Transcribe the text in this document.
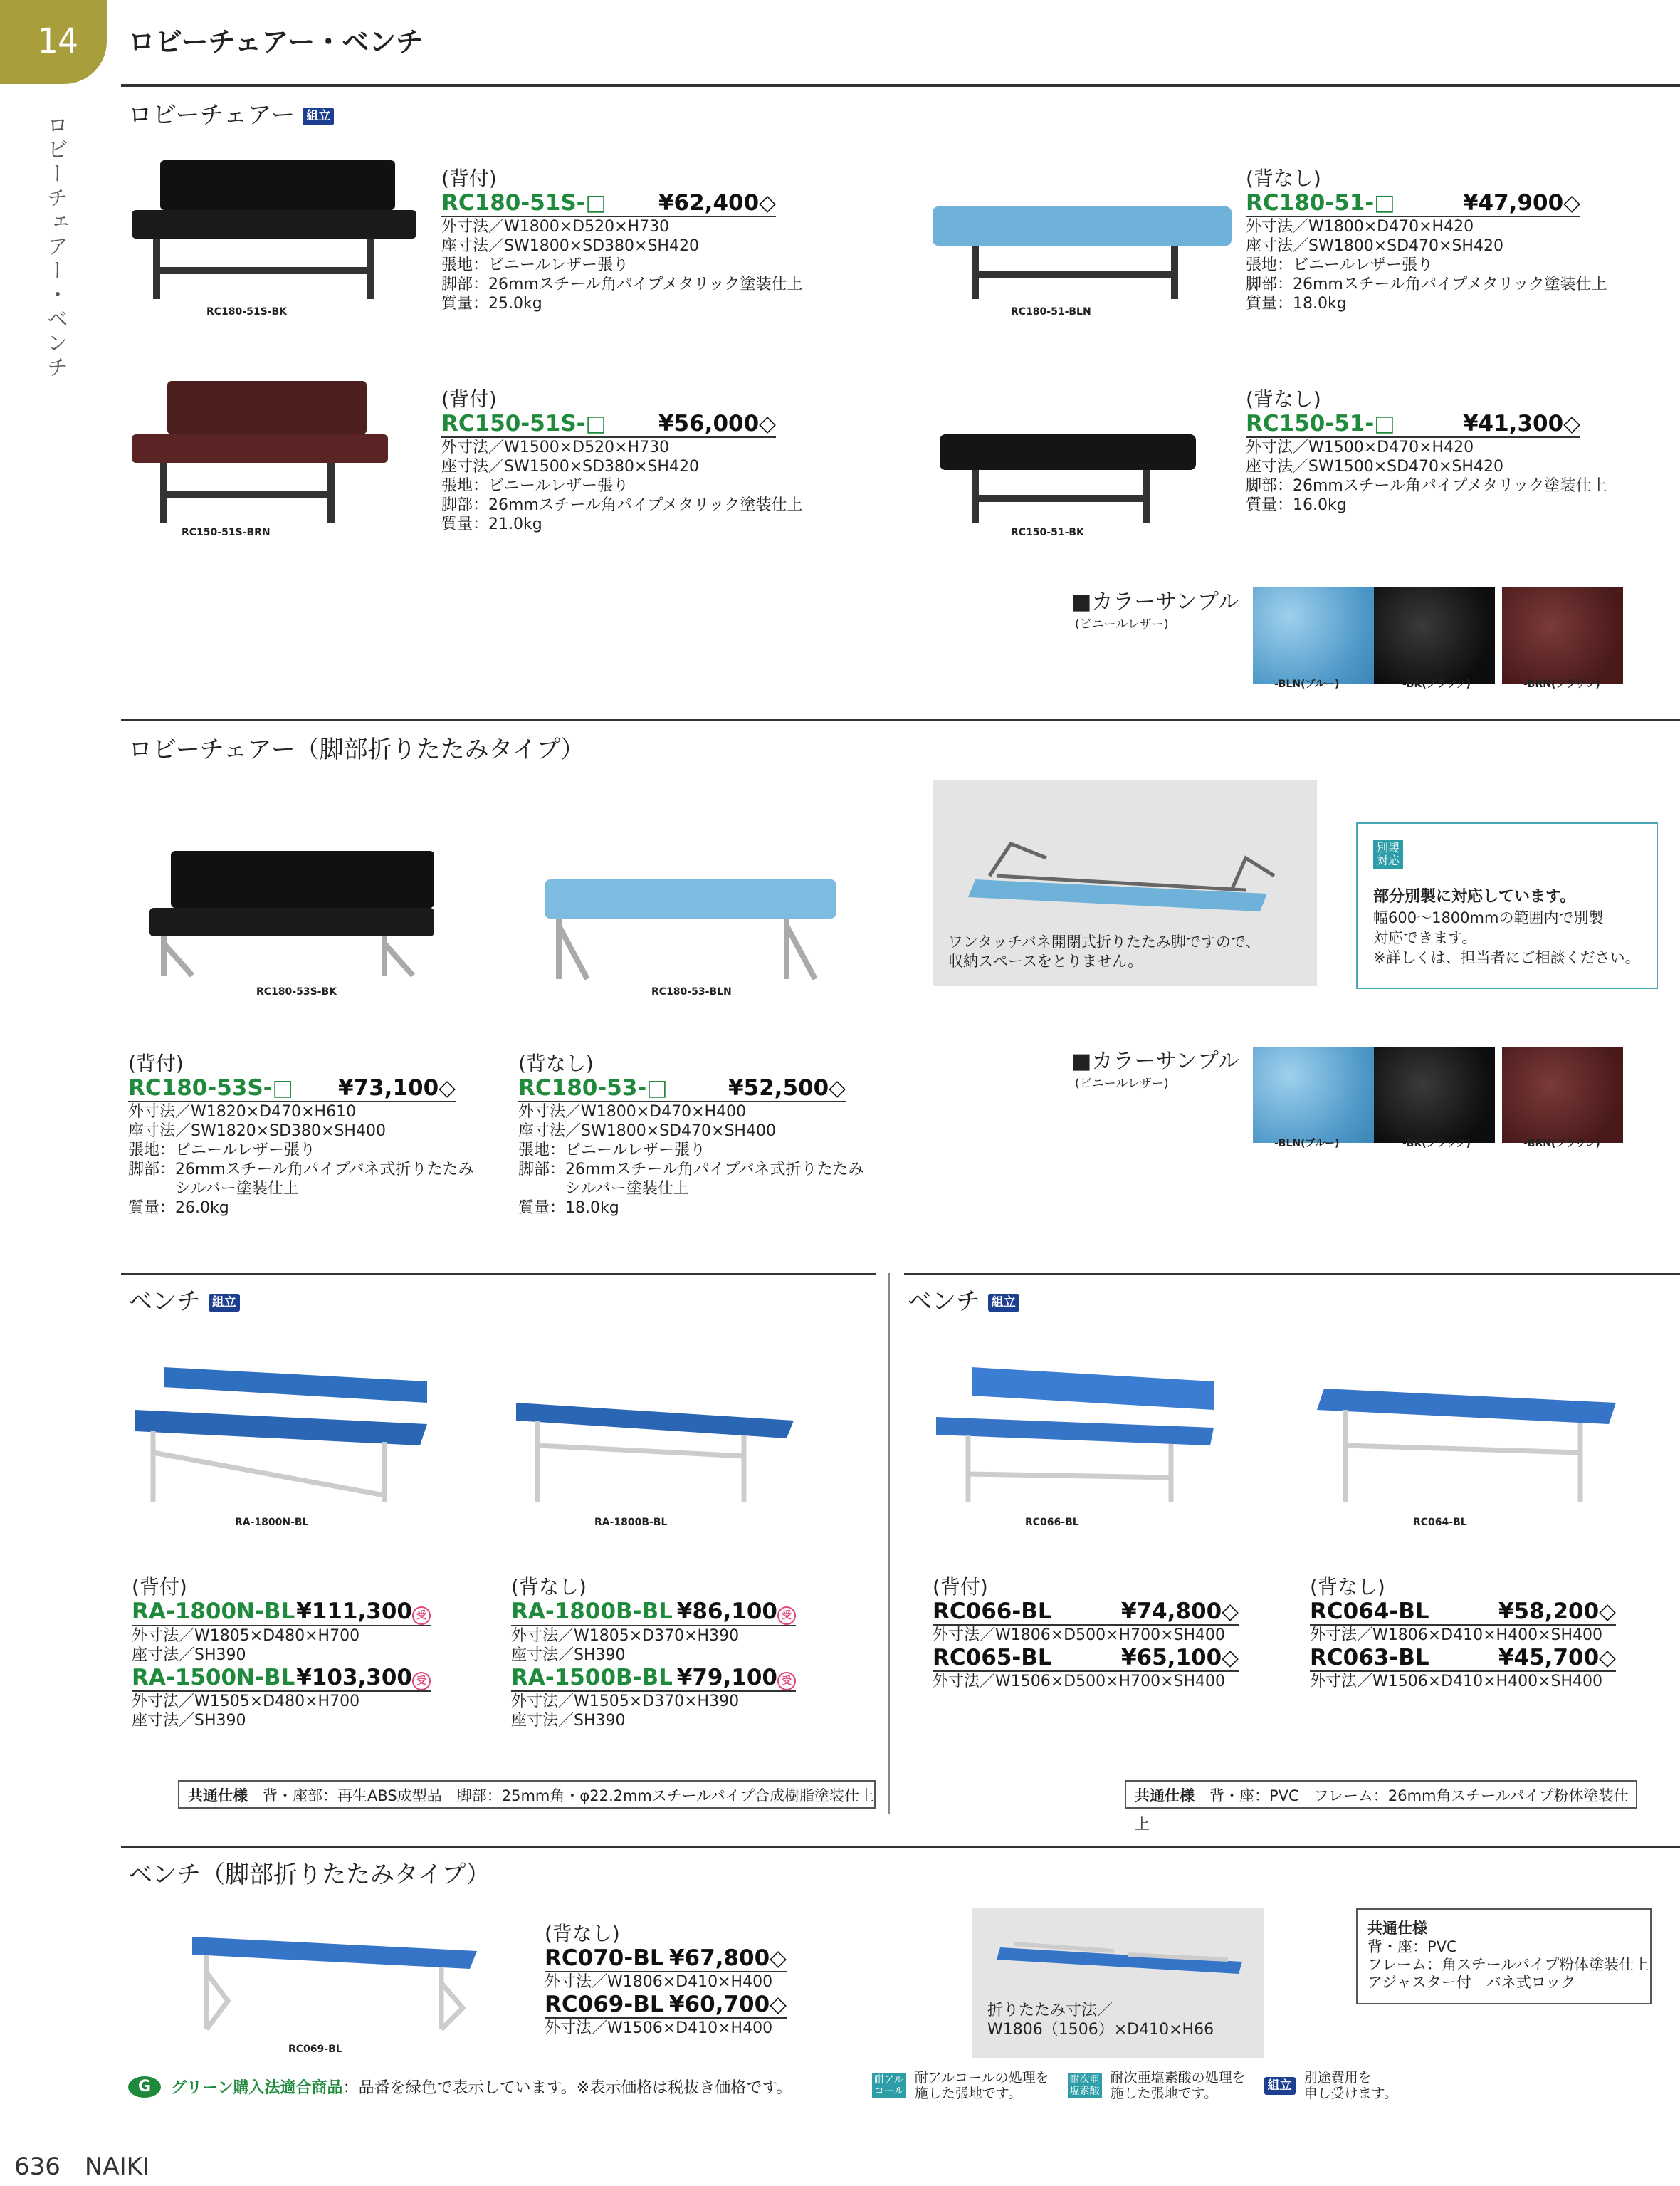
14 ロビーチェアー・ベンチ
ロビーチェアー・ベンチ	ロビーチェアー 組立
RC180-51S-BK	RC180-51-BLN
RC150-51S-BRN	RC150-51-BK
(背付)
RC180-51S-□ ¥62,400◇
外寸法／W1800×D520×H730
座寸法／SW1800×SD380×SH420
張地：ビニールレザー張り
脚部：26mmスチール角パイプメタリック塗装仕上
質量：25.0kg
(背なし)
RC180-51-□	¥47,900◇
外寸法／W1800×D470×H420
座寸法／SW1800×SD470×SH420
張地：ビニールレザー張り
脚部：26mmスチール角パイプメタリック塗装仕上
質量：18.0kg
(背付)
RC150-51S-□ ¥56,000◇
外寸法／W1500×D520×H730
座寸法／SW1500×SD380×SH420
張地：ビニールレザー張り
脚部：26mmスチール角パイプメタリック塗装仕上
質量：21.0kg
(背なし)
RC150-51-□	¥41,300◇
外寸法／W1500×D470×H420
座寸法／SW1500×SD470×SH420
脚部：26mmスチール角パイプメタリック塗装仕上
質量：16.0kg
■カラーサンプル
(ビニールレザー)
-BLN(ブルー)	-BK(ブラック)	-BRN(ブラウン)
ロビーチェアー（脚部折りたたみタイプ）
RC180-53S-BK	RC180-53-BLN
ワンタッチバネ開閉式折りたたみ脚ですので、
収納スペースをとりません。
別製
対応
部分別製に対応しています。
幅600～1800mmの範囲内で別製
対応できます。
※詳しくは、担当者にご相談ください。
■カラーサンプル
(ビニールレザー)
-BLN(ブルー)	-BK(ブラック)	-BRN(ブラウン)
(背付)
RC180-53S-□ ¥73,100◇
外寸法／W1820×D470×H610
座寸法／SW1820×SD380×SH400
張地：ビニールレザー張り
脚部：26mmスチール角パイプバネ式折りたたみ
　　　シルバー塗装仕上
質量：26.0kg
(背なし)
RC180-53-□	¥52,500◇
外寸法／W1800×D470×H400
座寸法／SW1800×SD470×SH400
張地：ビニールレザー張り
脚部：26mmスチール角パイプバネ式折りたたみ
　　　シルバー塗装仕上
質量：18.0kg
ベンチ 組立	ベンチ 組立
RA-1800N-BL	RA-1800B-BL	RC066-BL	RC064-BL
(背付)
RA-1800N-BL ¥111,300 受
外寸法／W1805×D480×H700
座寸法／SH390
RA-1500N-BL ¥103,300 受
外寸法／W1505×D480×H700
座寸法／SH390
(背なし)
RA-1800B-BL ¥86,100 受
外寸法／W1805×D370×H390
座寸法／SH390
RA-1500B-BL ¥79,100 受
外寸法／W1505×D370×H390
座寸法／SH390
(背付)
RC066-BL	¥74,800◇
外寸法／W1806×D500×H700×SH400
RC065-BL	¥65,100◇
外寸法／W1506×D500×H700×SH400
(背なし)
RC064-BL	¥58,200◇
外寸法／W1806×D410×H400×SH400
RC063-BL	¥45,700◇
外寸法／W1506×D410×H400×SH400
共通仕様　 背・座部：再生ABS成型品　脚部：25mm角・φ22.2mmスチールパイプ合成樹脂塗装仕上	共通仕様　 背・座：PVC　フレーム：26mm角スチールパイプ粉体塗装仕上
ベンチ（脚部折りたたみタイプ）
RC069-BL
(背なし)
RC070-BL ¥67,800◇
外寸法／W1806×D410×H400
RC069-BL ¥60,700◇
外寸法／W1506×D410×H400
折りたたみ寸法／
W1806（1506）×D410×H66
共通仕様
背・座：PVC
フレーム：角スチールパイプ粉体塗装仕上
アジャスター付　バネ式ロック
G	グリーン購入法適合商品：品番を緑色で表示しています。※表示価格は税抜き価格です。	耐アル
コール
耐アルコールの処理を
施した張地です。
耐次亜
塩素酸
耐次亜塩素酸の処理を
施した張地です。
組立 別途費用を
申し受けます。
636　 NAIKI
